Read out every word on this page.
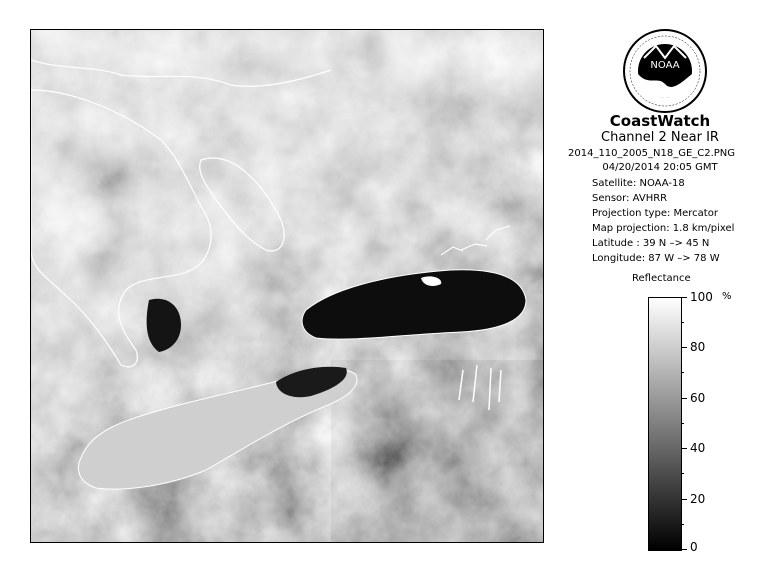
NOAA
CoastWatch
Channel 2 Near IR
2014_110_2005_N18_GE_C2.PNG
04/20/2014 20:05 GMT
Satellite: NOAA-18
Sensor: AVHRR
Projection type: Mercator
Map projection: 1.8 km/pixel
Latitude : 39 N –> 45 N
Longitude: 87 W –> 78 W
Reflectance
%
100
80
60
40
20
0
